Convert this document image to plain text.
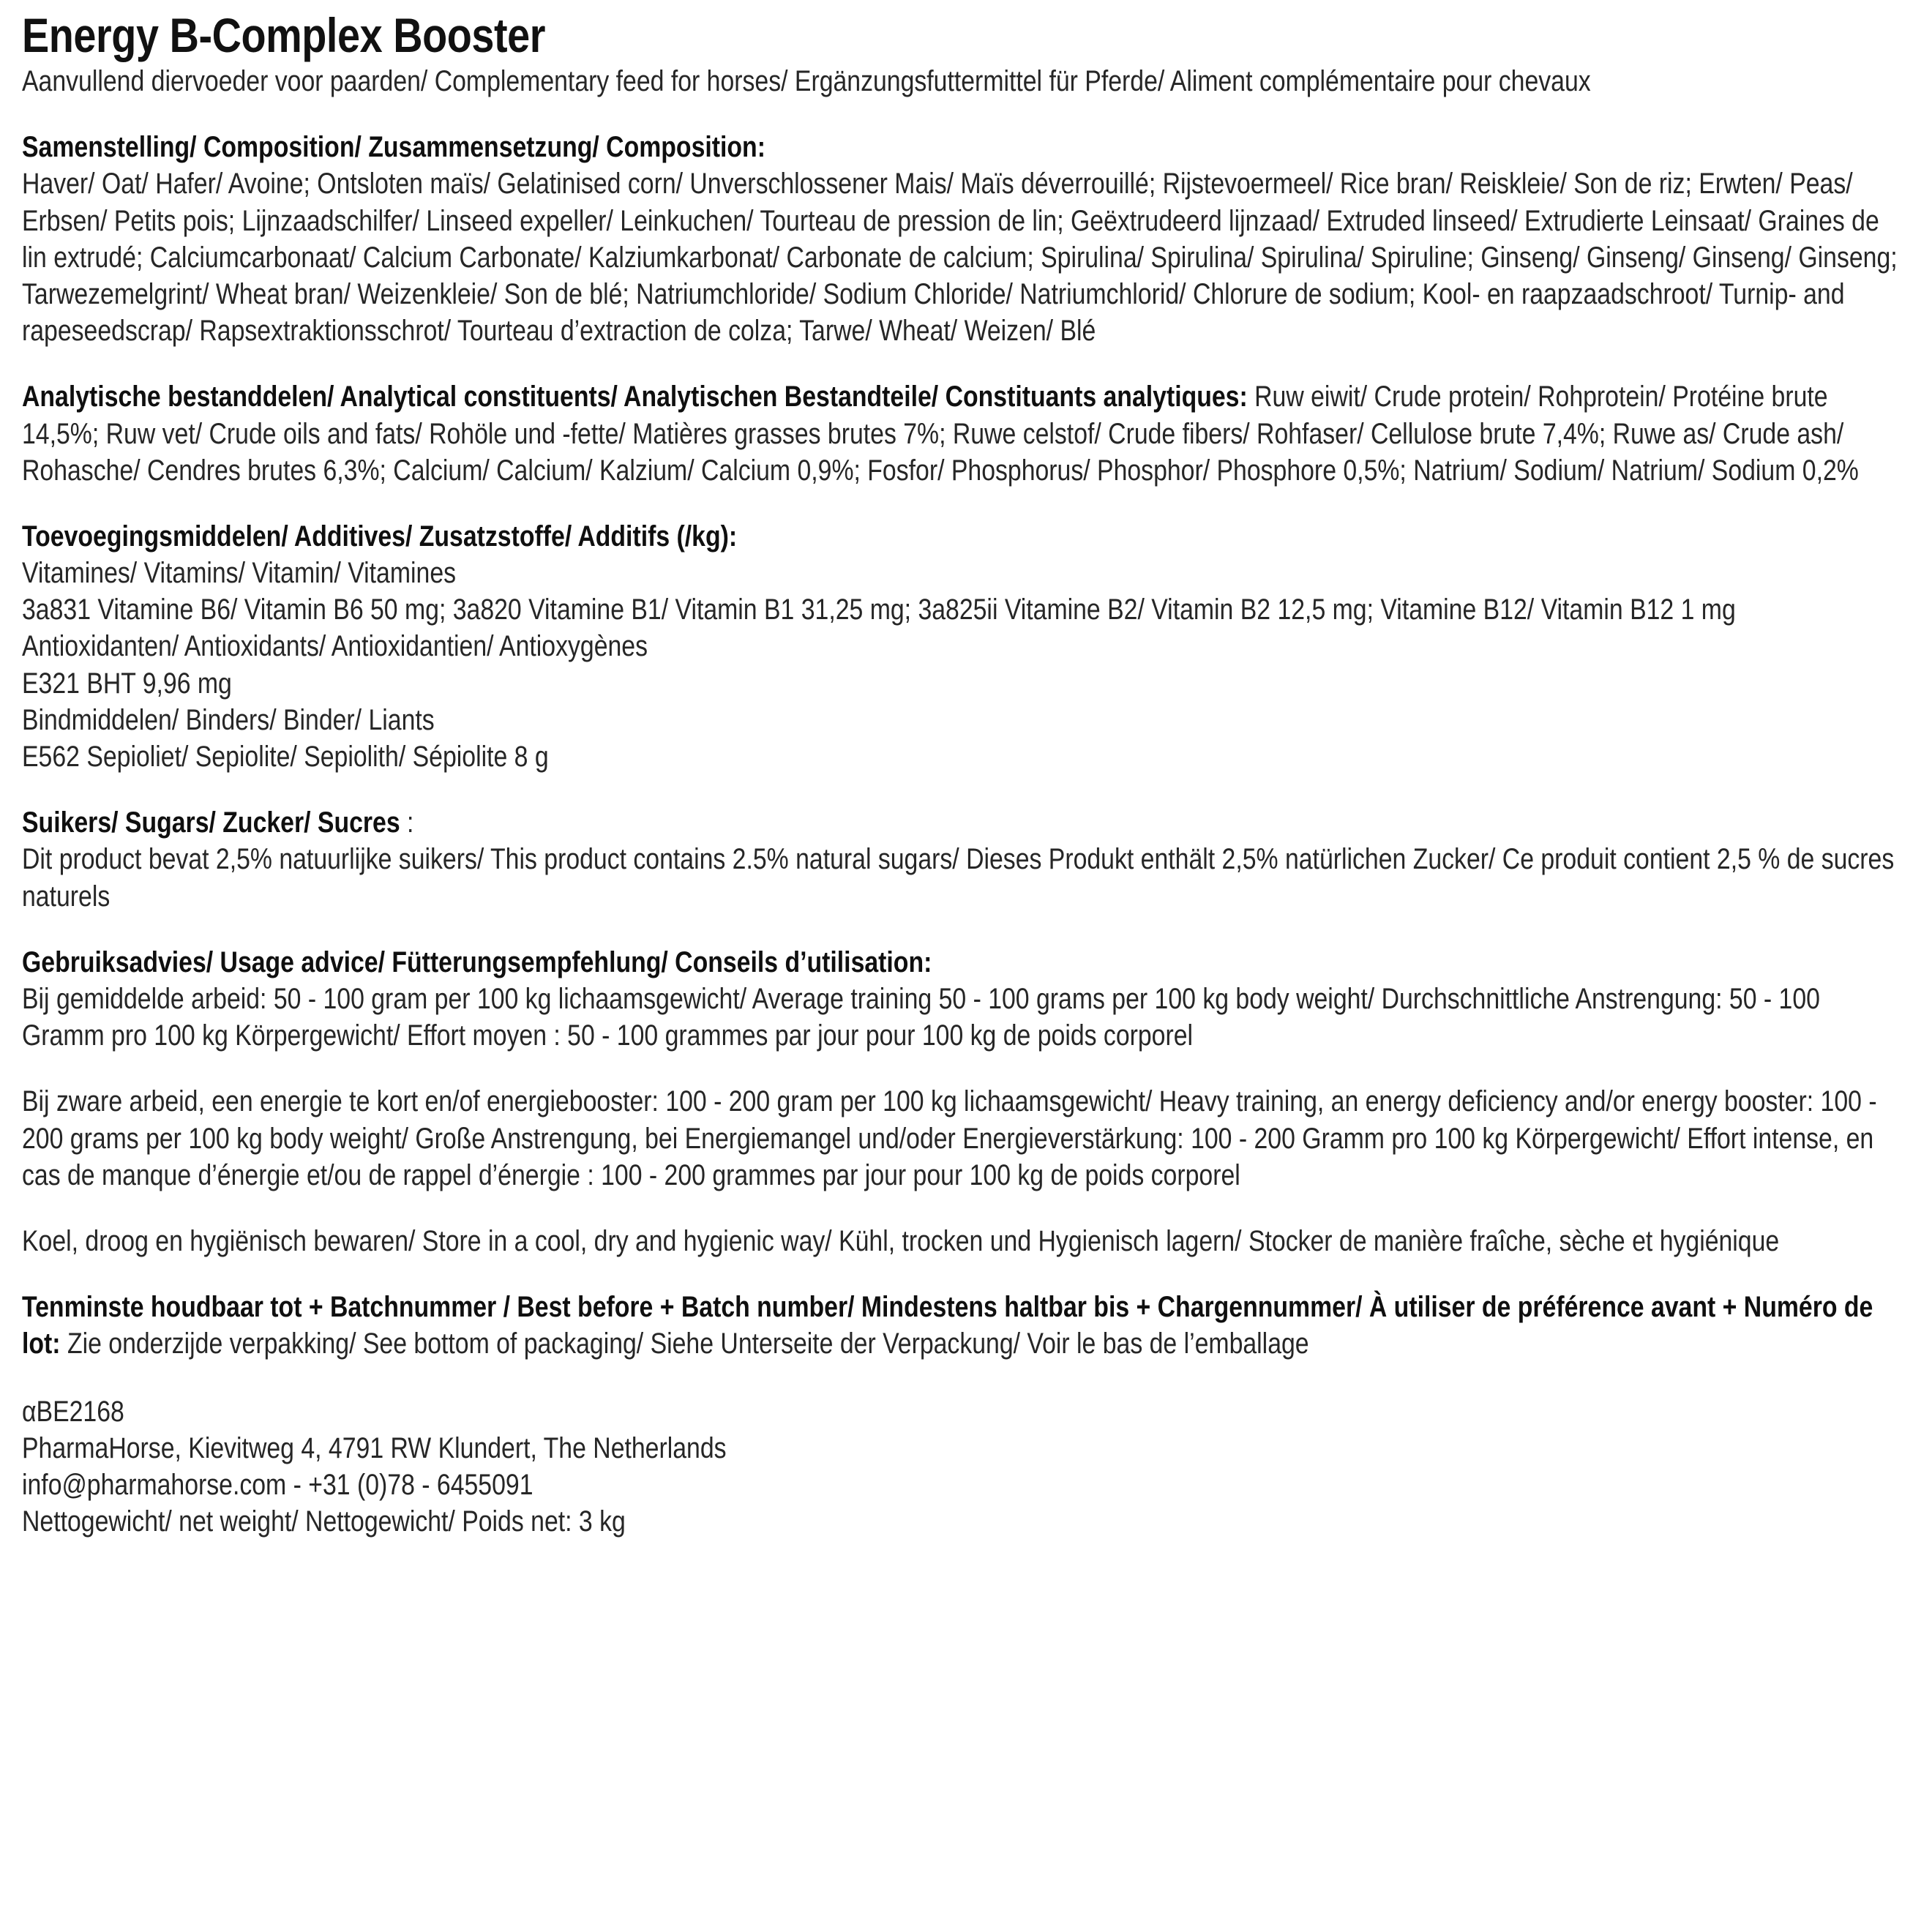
Energy B-Complex Booster
Aanvullend diervoeder voor paarden/ Complementary feed for horses/ Ergänzungsfuttermittel für Pferde/ Aliment complémentaire pour chevaux

Samenstelling/ Composition/ Zusammensetzung/ Composition:

Haver/ Oat/ Hafer/ Avoine; Ontsloten maïs/ Gelatinised corn/ Unverschlossener Mais/ Maïs déverrouillé; Rijstevoermeel/ Rice bran/ Reiskleie/ Son de riz; Erwten/ Peas/ Erbsen/ Petits pois; Lijnzaadschilfer/ Linseed expeller/ Leinkuchen/ Tourteau de pression de lin; Geëxtrudeerd lijnzaad/ Extruded linseed/ Extrudierte Leinsaat/ Graines de lin extrudé; Calciumcarbonaat/ Calcium Carbonate/ Kalziumkarbonat/ Carbonate de calcium; Spirulina/ Spirulina/ Spirulina/ Spiruline; Ginseng/ Ginseng/ Ginseng/ Ginseng; Tarwezemelgrint/ Wheat bran/ Weizenkleie/ Son de blé; Natriumchloride/ Sodium Chloride/ Natriumchlorid/ Chlorure de sodium; Kool- en raapzaadschroot/ Turnip- and rapeseedscrap/ Rapsextraktionsschrot/ Tourteau d’extraction de colza; Tarwe/ Wheat/ Weizen/ Blé

Analytische bestanddelen/ Analytical constituents/ Analytischen Bestandteile/ Constituants analytiques: Ruw eiwit/ Crude protein/ Rohprotein/ Protéine brute 14,5%; Ruw vet/ Crude oils and fats/ Rohöle und -fette/ Matières grasses brutes 7%; Ruwe celstof/ Crude fibers/ Rohfaser/ Cellulose brute 7,4%; Ruwe as/ Crude ash/ Rohasche/ Cendres brutes 6,3%; Calcium/ Calcium/ Kalzium/ Calcium 0,9%; Fosfor/ Phosphorus/ Phosphor/ Phosphore 0,5%; Natrium/ Sodium/ Natrium/ Sodium 0,2%

Toevoegingsmiddelen/ Additives/ Zusatzstoffe/ Additifs (/kg):

Vitamines/ Vitamins/ Vitamin/ Vitamines

3a831 Vitamine B6/ Vitamin B6 50 mg; 3a820 Vitamine B1/ Vitamin B1 31,25 mg; 3a825ii Vitamine B2/ Vitamin B2 12,5 mg; Vitamine B12/ Vitamin B12 1 mg

Antioxidanten/ Antioxidants/ Antioxidantien/ Antioxygènes

E321 BHT 9,96 mg

Bindmiddelen/ Binders/ Binder/ Liants

E562 Sepioliet/ Sepiolite/ Sepiolith/ Sépiolite 8 g

Suikers/ Sugars/ Zucker/ Sucres :

Dit product bevat 2,5% natuurlijke suikers/ This product contains 2.5% natural sugars/ Dieses Produkt enthält 2,5% natürlichen Zucker/ Ce produit contient 2,5 % de sucres naturels

Gebruiksadvies/ Usage advice/ Fütterungsempfehlung/ Conseils d’utilisation:

Bij gemiddelde arbeid: 50 - 100 gram per 100 kg lichaamsgewicht/ Average training 50 - 100 grams per 100 kg body weight/ Durchschnittliche Anstrengung: 50 - 100 Gramm pro 100 kg Körpergewicht/ Effort moyen : 50 - 100 grammes par jour pour 100 kg de poids corporel

Bij zware arbeid, een energie te kort en/of energiebooster: 100 - 200 gram per 100 kg lichaamsgewicht/ Heavy training, an energy deficiency and/or energy booster: 100 - 200 grams per 100 kg body weight/ Große Anstrengung, bei Energiemangel und/oder Energieverstärkung: 100 - 200 Gramm pro 100 kg Körpergewicht/ Effort intense, en cas de manque d’énergie et/ou de rappel d’énergie : 100 - 200 grammes par jour pour 100 kg de poids corporel

Koel, droog en hygiënisch bewaren/ Store in a cool, dry and hygienic way/ Kühl, trocken und Hygienisch lagern/ Stocker de manière fraîche, sèche et hygiénique

Tenminste houdbaar tot + Batchnummer / Best before + Batch number/ Mindestens haltbar bis + Chargennummer/ À utiliser de préférence avant + Numéro de lot: Zie onderzijde verpakking/ See bottom of packaging/ Siehe Unterseite der Verpackung/ Voir le bas de l’emballage

αBE2168

PharmaHorse, Kievitweg 4, 4791 RW Klundert, The Netherlands

info@pharmahorse.com - +31 (0)78 - 6455091

Nettogewicht/ net weight/ Nettogewicht/ Poids net: 3 kg
